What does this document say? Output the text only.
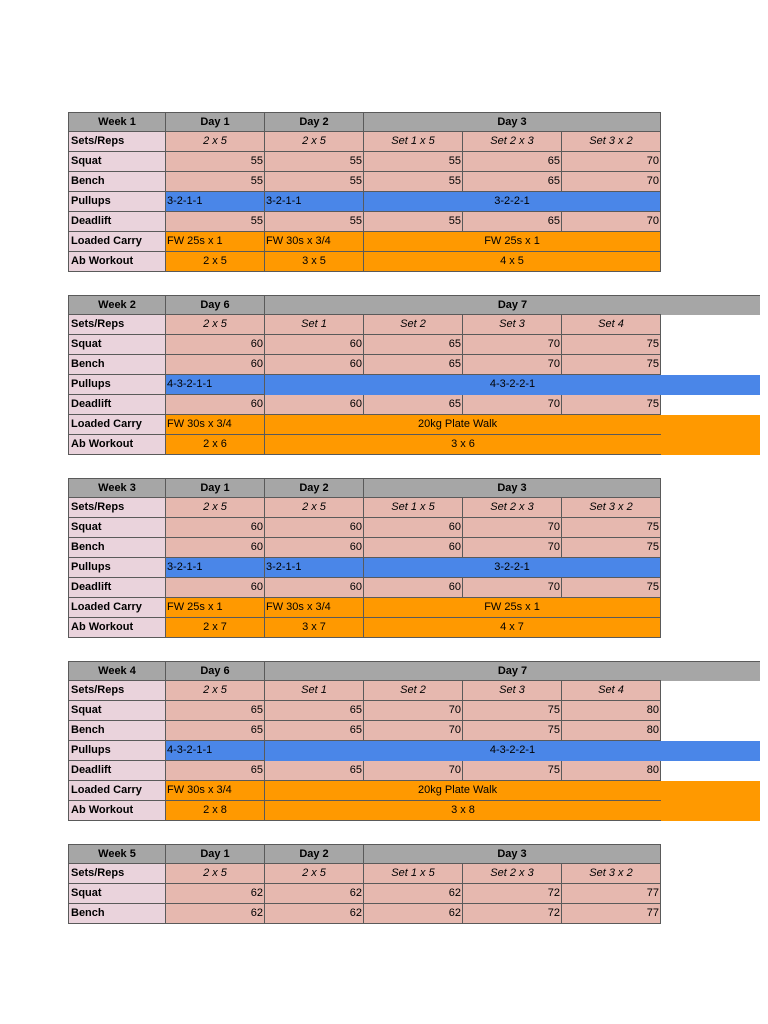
Week 1	Day 1	Day 2	Day 3
Sets/Reps	2 x 5	2 x 5	Set 1 x 5	Set 2 x 3	Set 3 x 2
Squat	55	55	55	65	70
Bench	55	55	55	65	70
Pullups	3-2-1-1	3-2-1-1	3-2-2-1
Deadlift	55	55	55	65	70
Loaded Carry	FW 25s x 1	FW 30s x 3/4	FW 25s x 1
Ab Workout	2 x 5	3 x 5	4 x 5
Week 2	Day 6	Day 7
Sets/Reps	2 x 5	Set 1	Set 2	Set 3	Set 4
Squat	60	60	65	70	75
Bench	60	60	65	70	75
Pullups	4-3-2-1-1	4-3-2-2-1
Deadlift	60	60	65	70	75
Loaded Carry	FW 30s x 3/4	20kg Plate Walk
Ab Workout	2 x 6	3 x 6
Week 3	Day 1	Day 2	Day 3
Sets/Reps	2 x 5	2 x 5	Set 1 x 5	Set 2 x 3	Set 3 x 2
Squat	60	60	60	70	75
Bench	60	60	60	70	75
Pullups	3-2-1-1	3-2-1-1	3-2-2-1
Deadlift	60	60	60	70	75
Loaded Carry	FW 25s x 1	FW 30s x 3/4	FW 25s x 1
Ab Workout	2 x 7	3 x 7	4 x 7
Week 4	Day 6	Day 7
Sets/Reps	2 x 5	Set 1	Set 2	Set 3	Set 4
Squat	65	65	70	75	80
Bench	65	65	70	75	80
Pullups	4-3-2-1-1	4-3-2-2-1
Deadlift	65	65	70	75	80
Loaded Carry	FW 30s x 3/4	20kg Plate Walk
Ab Workout	2 x 8	3 x 8
Week 5	Day 1	Day 2	Day 3
Sets/Reps	2 x 5	2 x 5	Set 1 x 5	Set 2 x 3	Set 3 x 2
Squat	62	62	62	72	77
Bench	62	62	62	72	77
